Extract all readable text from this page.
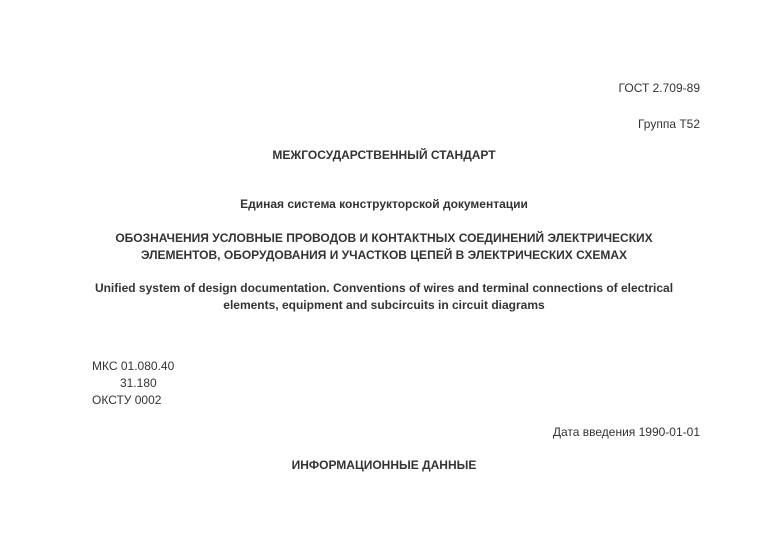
ГОСТ 2.709-89
Группа Т52
МЕЖГОСУДАРСТВЕННЫЙ СТАНДАРТ
Единая система конструкторской документации
ОБОЗНАЧЕНИЯ УСЛОВНЫЕ ПРОВОДОВ И КОНТАКТНЫХ СОЕДИНЕНИЙ ЭЛЕКТРИЧЕСКИХ
ЭЛЕМЕНТОВ, ОБОРУДОВАНИЯ И УЧАСТКОВ ЦЕПЕЙ В ЭЛЕКТРИЧЕСКИХ СХЕМАХ
Unified system of design documentation. Conventions of wires and terminal connections of electrical
elements, equipment and subcircuits in circuit diagrams
МКС 01.080.40
31.180
ОКСТУ 0002
Дата введения 1990-01-01
ИНФОРМАЦИОННЫЕ ДАННЫЕ
